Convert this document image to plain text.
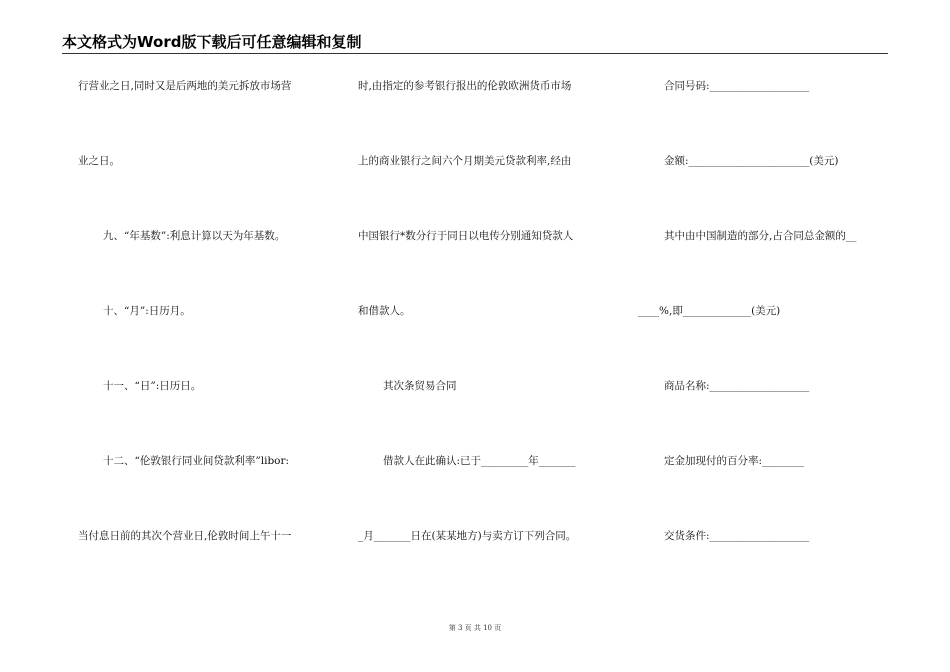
本文格式为Word版下载后可任意编辑和复制
行营业之日,同时又是后两地的美元拆放市场营
业之日。
九、“年基数”:利息计算以天为年基数。
十、“月”:日历月。
十一、“日”:日历日。
十二、“伦敦银行同业间贷款利率”libor:
当付息日前的其次个营业日,伦敦时间上午十一
时,由指定的参考银行报出的伦敦欧洲货币市场
上的商业银行之间六个月期美元贷款利率,经由
中国银行*数分行于同日以电传分别通知贷款人
和借款人。
其次条贸易合同
借款人在此确认:已于_________年_______
_月_______日在(某某地方)与卖方订下列合同。
合同号码:___________________
金额:_______________________(美元)
其中由中国制造的部分,占合同总金额的__
____%,即_____________(美元)
商品名称:___________________
定金加现付的百分率:________
交货条件:___________________
第 3 页 共 10 页
